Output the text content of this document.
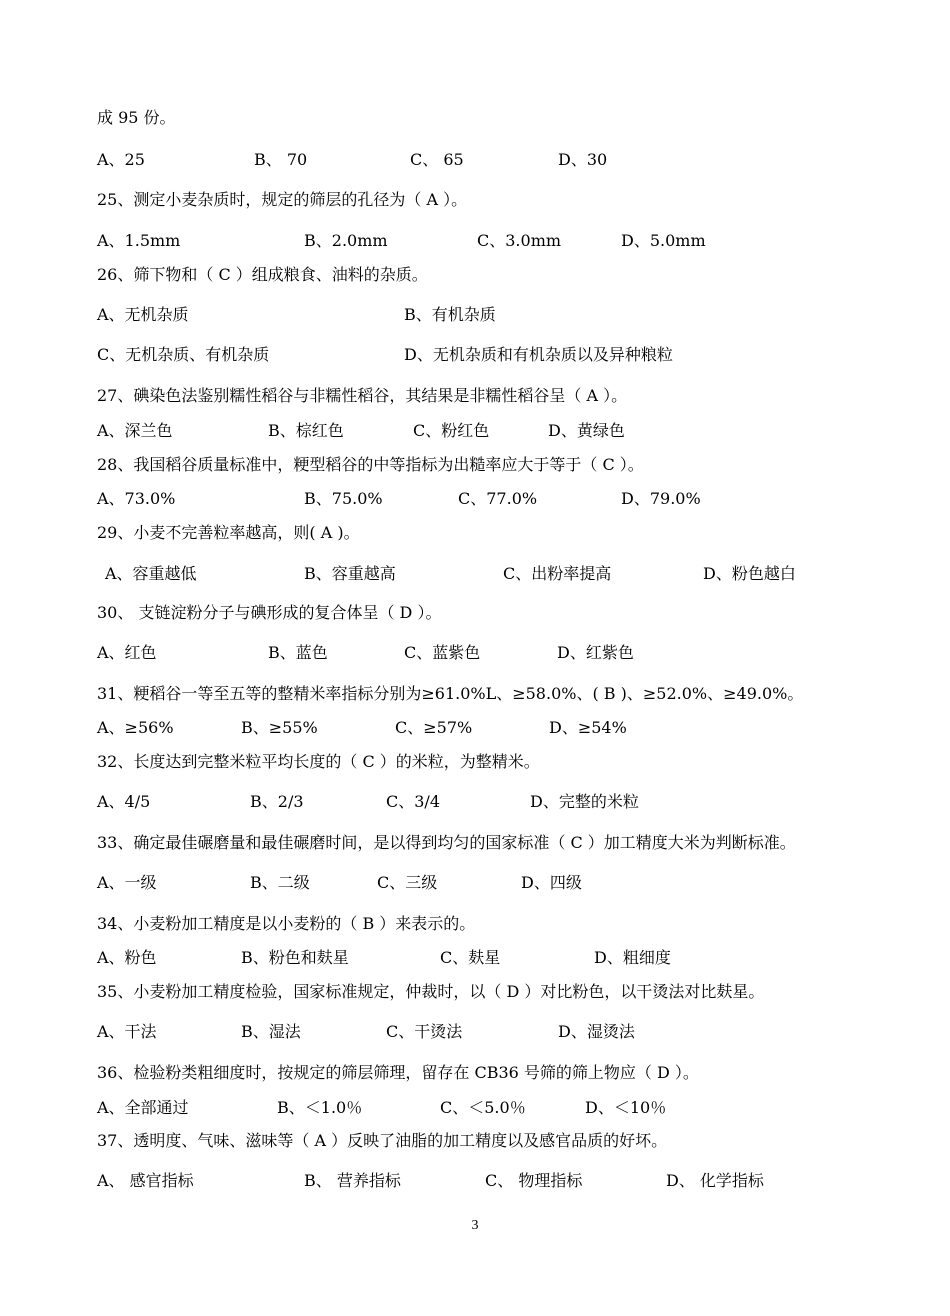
成 95 份。
A、25	B、 70	C、 65	D、30
25、测定小麦杂质时，规定的筛层的孔径为（ A ）。
A、1.5mm	B、2.0mm	C、3.0mm	D、5.0mm
26、筛下物和（ C ）组成粮食、油料的杂质。
A、无机杂质	B、有机杂质
C、无机杂质、有机杂质	D、无机杂质和有机杂质以及异种粮粒
27、碘染色法鉴别糯性稻谷与非糯性稻谷，其结果是非糯性稻谷呈（ A ）。
A、深兰色	B、棕红色	C、粉红色	D、黄绿色
28、我国稻谷质量标准中，粳型稻谷的中等指标为出糙率应大于等于（ C ）。
A、73.0%	B、75.0%	C、77.0%	D、79.0%
29、小麦不完善粒率越高，则( A )。
A、容重越低	B、容重越高	C、出粉率提高	D、粉色越白
30、 支链淀粉分子与碘形成的复合体呈（ D ）。
A、红色	B、蓝色	C、蓝紫色	D、红紫色
31、粳稻谷一等至五等的整精米率指标分别为≥61.0%L、≥58.0%、( B )、≥52.0%、≥49.0%。
A、≥56%	B、≥55%	C、≥57%	D、≥54%
32、长度达到完整米粒平均长度的（ C ）的米粒，为整精米。
A、4/5	B、2/3	C、3/4	D、完整的米粒
33、确定最佳碾磨量和最佳碾磨时间，是以得到均匀的国家标准（ C ）加工精度大米为判断标准。
A、一级	B、二级	C、三级	D、四级
34、小麦粉加工精度是以小麦粉的（ B ）来表示的。
A、粉色	B、粉色和麸星	C、麸星	D、粗细度
35、小麦粉加工精度检验，国家标准规定，仲裁时，以（ D ）对比粉色，以干烫法对比麸星。
A、干法	B、湿法	C、干烫法	D、湿烫法
36、检验粉类粗细度时，按规定的筛层筛理，留存在 CB36 号筛的筛上物应（ D ）。
A、全部通过	B、＜1.0％	C、＜5.0％	D、＜10％
37、透明度、气味、滋味等（ A ）反映了油脂的加工精度以及感官品质的好坏。
A、 感官指标	B、 营养指标	C、 物理指标	D、 化学指标
3
